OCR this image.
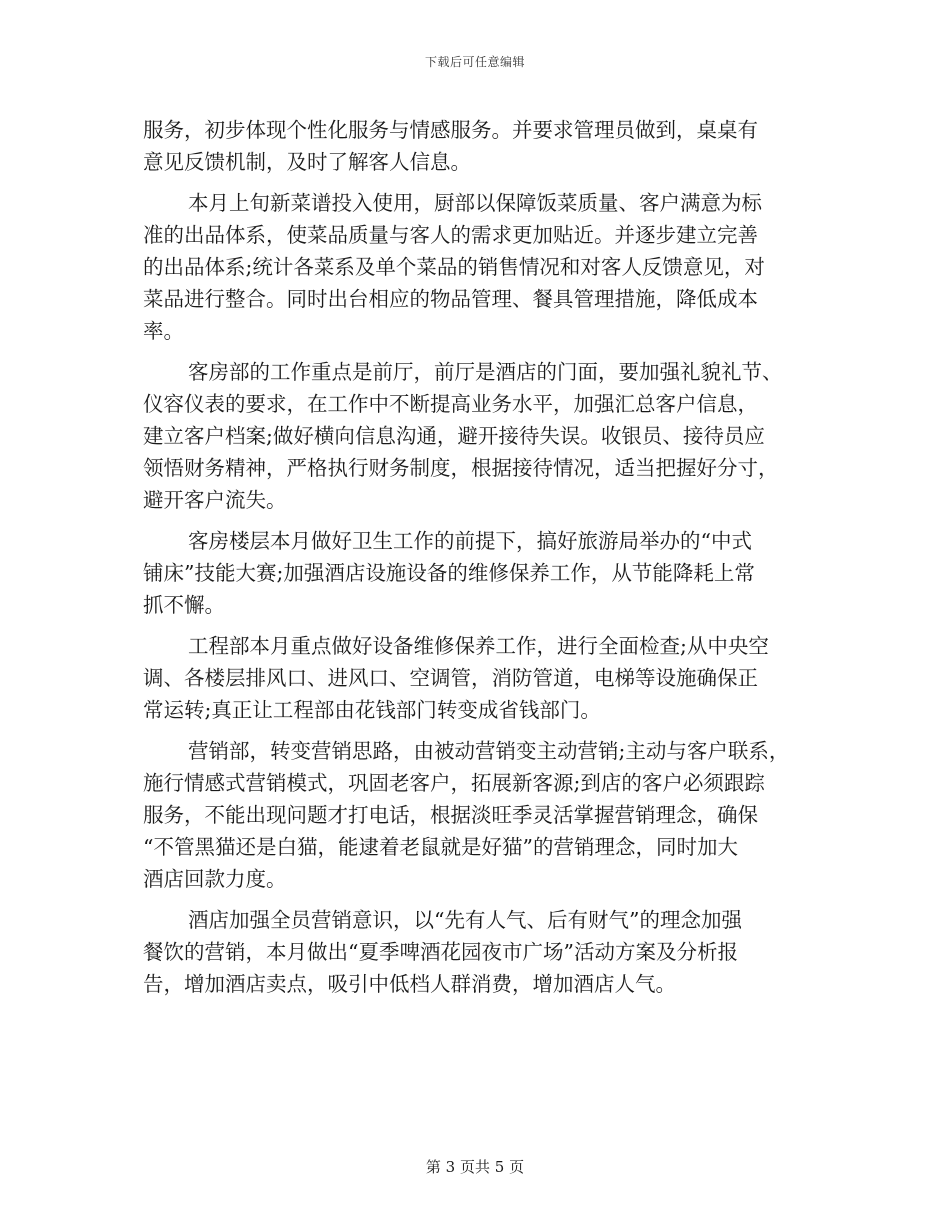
下载后可任意编辑
服务，初步体现个性化服务与情感服务。并要求管理员做到，桌桌有
意见反馈机制，及时了解客人信息。
本月上旬新菜谱投入使用，厨部以保障饭菜质量、客户满意为标
准的出品体系，使菜品质量与客人的需求更加贴近。并逐步建立完善
的出品体系;统计各菜系及单个菜品的销售情况和对客人反馈意见，对
菜品进行整合。同时出台相应的物品管理、餐具管理措施，降低成本
率。
客房部的工作重点是前厅，前厅是酒店的门面，要加强礼貌礼节、
仪容仪表的要求，在工作中不断提高业务水平，加强汇总客户信息，
建立客户档案;做好横向信息沟通，避开接待失误。收银员、接待员应
领悟财务精神，严格执行财务制度，根据接待情况，适当把握好分寸，
避开客户流失。
客房楼层本月做好卫生工作的前提下，搞好旅游局举办的“中式
铺床”技能大赛;加强酒店设施设备的维修保养工作，从节能降耗上常
抓不懈。
工程部本月重点做好设备维修保养工作，进行全面检查;从中央空
调、各楼层排风口、进风口、空调管，消防管道，电梯等设施确保正
常运转;真正让工程部由花钱部门转变成省钱部门。
营销部，转变营销思路，由被动营销变主动营销;主动与客户联系，
施行情感式营销模式，巩固老客户，拓展新客源;到店的客户必须跟踪
服务，不能出现问题才打电话，根据淡旺季灵活掌握营销理念，确保
“不管黑猫还是白猫，能逮着老鼠就是好猫”的营销理念，同时加大
酒店回款力度。
酒店加强全员营销意识，以“先有人气、后有财气”的理念加强
餐饮的营销，本月做出“夏季啤酒花园夜市广场”活动方案及分析报
告，增加酒店卖点，吸引中低档人群消费，增加酒店人气。
第 3 页共 5 页
